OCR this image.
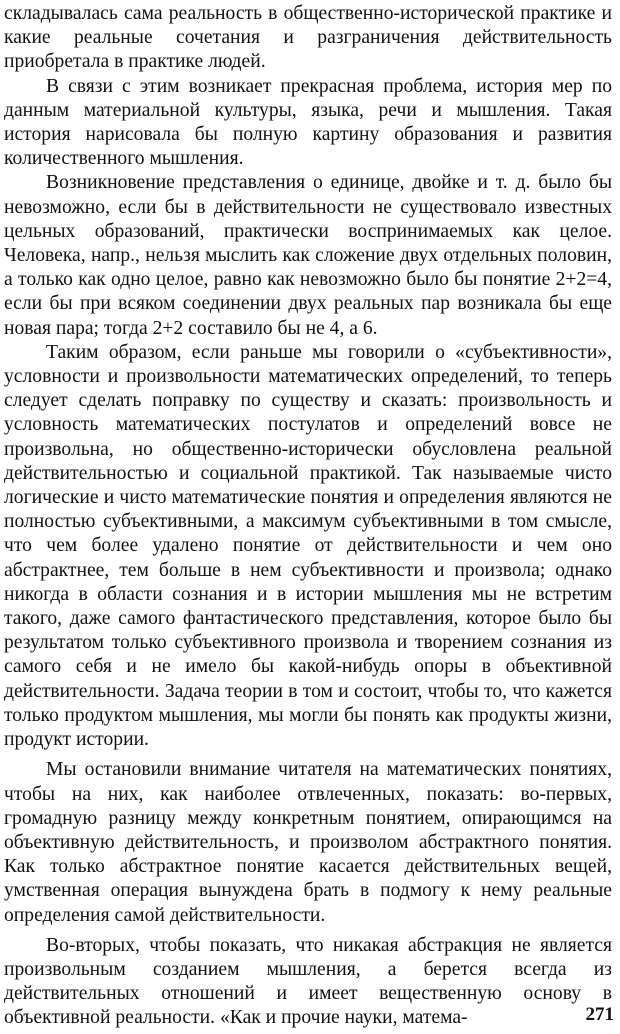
складывалась сама реальность в общественно-исторической практике и какие реальные сочетания и разграничения действительность приобретала в практике людей.

В связи с этим возникает прекрасная проблема, история мер по данным материальной культуры, языка, речи и мышления. Такая история нарисовала бы полную картину образования и развития количественного мышления.

Возникновение представления о единице, двойке и т. д. было бы невозможно, если бы в действительности не существовало известных цельных образований, практически воспринимаемых как целое. Человека, напр., нельзя мыслить как сложение двух отдельных половин, а только как одно целое, равно как невозможно было бы понятие 2+2=4, если бы при всяком соединении двух реальных пар возникала бы еще новая пара; тогда 2+2 составило бы не 4, а 6.

Таким образом, если раньше мы говорили о «субъективности», условности и произвольности математических определений, то теперь следует сделать поправку по существу и сказать: произвольность и условность математических постулатов и определений вовсе не произвольна, но общественно-исторически обусловлена реальной действительностью и социальной практикой. Так называемые чисто логические и чисто математические понятия и определения являются не полностью субъективными, а максимум субъективными в том смысле, что чем более удалено понятие от действительности и чем оно абстрактнее, тем больше в нем субъективности и произвола; однако никогда в области сознания и в истории мышления мы не встретим такого, даже самого фантастического представления, которое было бы результатом только субъективного произвола и творением сознания из самого себя и не имело бы какой-нибудь опоры в объективной действительности. Задача теории в том и состоит, чтобы то, что кажется только продуктом мышления, мы могли бы понять как продукты жизни, продукт истории.

Мы остановили внимание читателя на математических понятиях, чтобы на них, как наиболее отвлеченных, показать: во-первых, громадную разницу между конкретным понятием, опирающимся на объективную действительность, и произволом абстрактного понятия. Как только абстрактное понятие касается действительных вещей, умственная операция вынуждена брать в подмогу к нему реальные определения самой действительности.

Во-вторых, чтобы показать, что никакая абстракция не является произвольным созданием мышления, а берется всегда из действительных отношений и имеет вещественную основу в объективной реальности. «Как и прочие науки, матема-	271
